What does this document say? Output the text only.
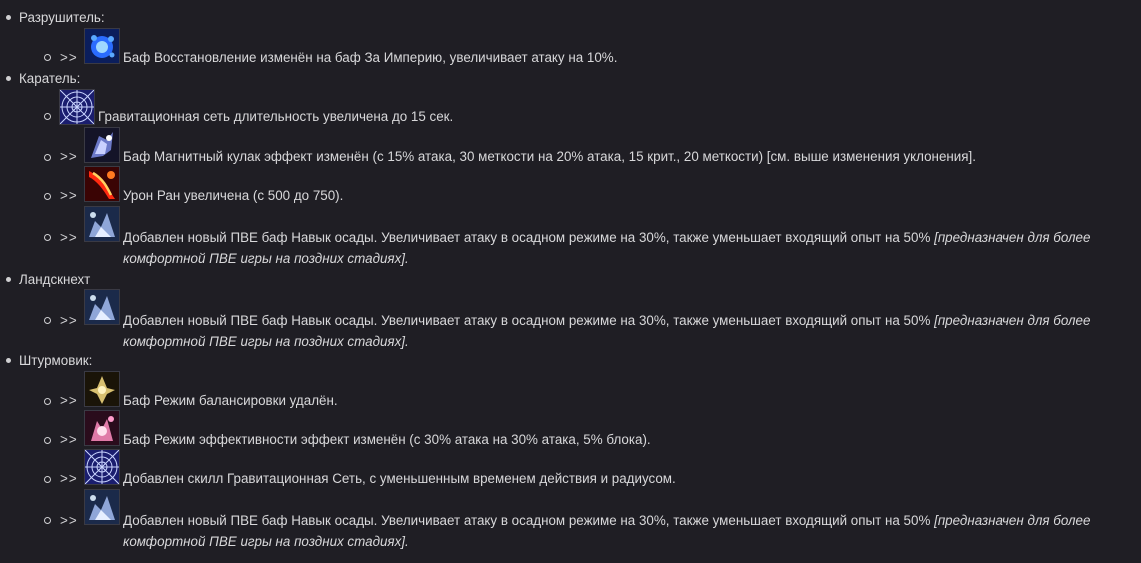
Разрушитель:
>>	Баф Восстановление изменён на баф За Империю, увеличивает атаку на 10%.
Каратель:
Гравитационная сеть длительность увеличена до 15 сек.
>>	Баф Магнитный кулак эффект изменён (с 15% атака, 30 меткости на 20% атака, 15 крит., 20 меткости) [см. выше изменения уклонения].
>>	Урон Ран увеличена (с 500 до 750).
>>	Добавлен новый ПВЕ баф Навык осады. Увеличивает атаку в осадном режиме на 30%, также уменьшает входящий опыт на 50% [предназначен для более комфортной ПВЕ игры на поздних стадиях].
Ландскнехт
>>	Добавлен новый ПВЕ баф Навык осады. Увеличивает атаку в осадном режиме на 30%, также уменьшает входящий опыт на 50% [предназначен для более комфортной ПВЕ игры на поздних стадиях].
Штурмовик:
>>	Баф Режим балансировки удалён.
>>	Баф Режим эффективности эффект изменён (с 30% атака на 30% атака, 5% блока).
>>	Добавлен скилл Гравитационная Сеть, с уменьшенным временем действия и радиусом.
>>	Добавлен новый ПВЕ баф Навык осады. Увеличивает атаку в осадном режиме на 30%, также уменьшает входящий опыт на 50% [предназначен для более комфортной ПВЕ игры на поздних стадиях].
